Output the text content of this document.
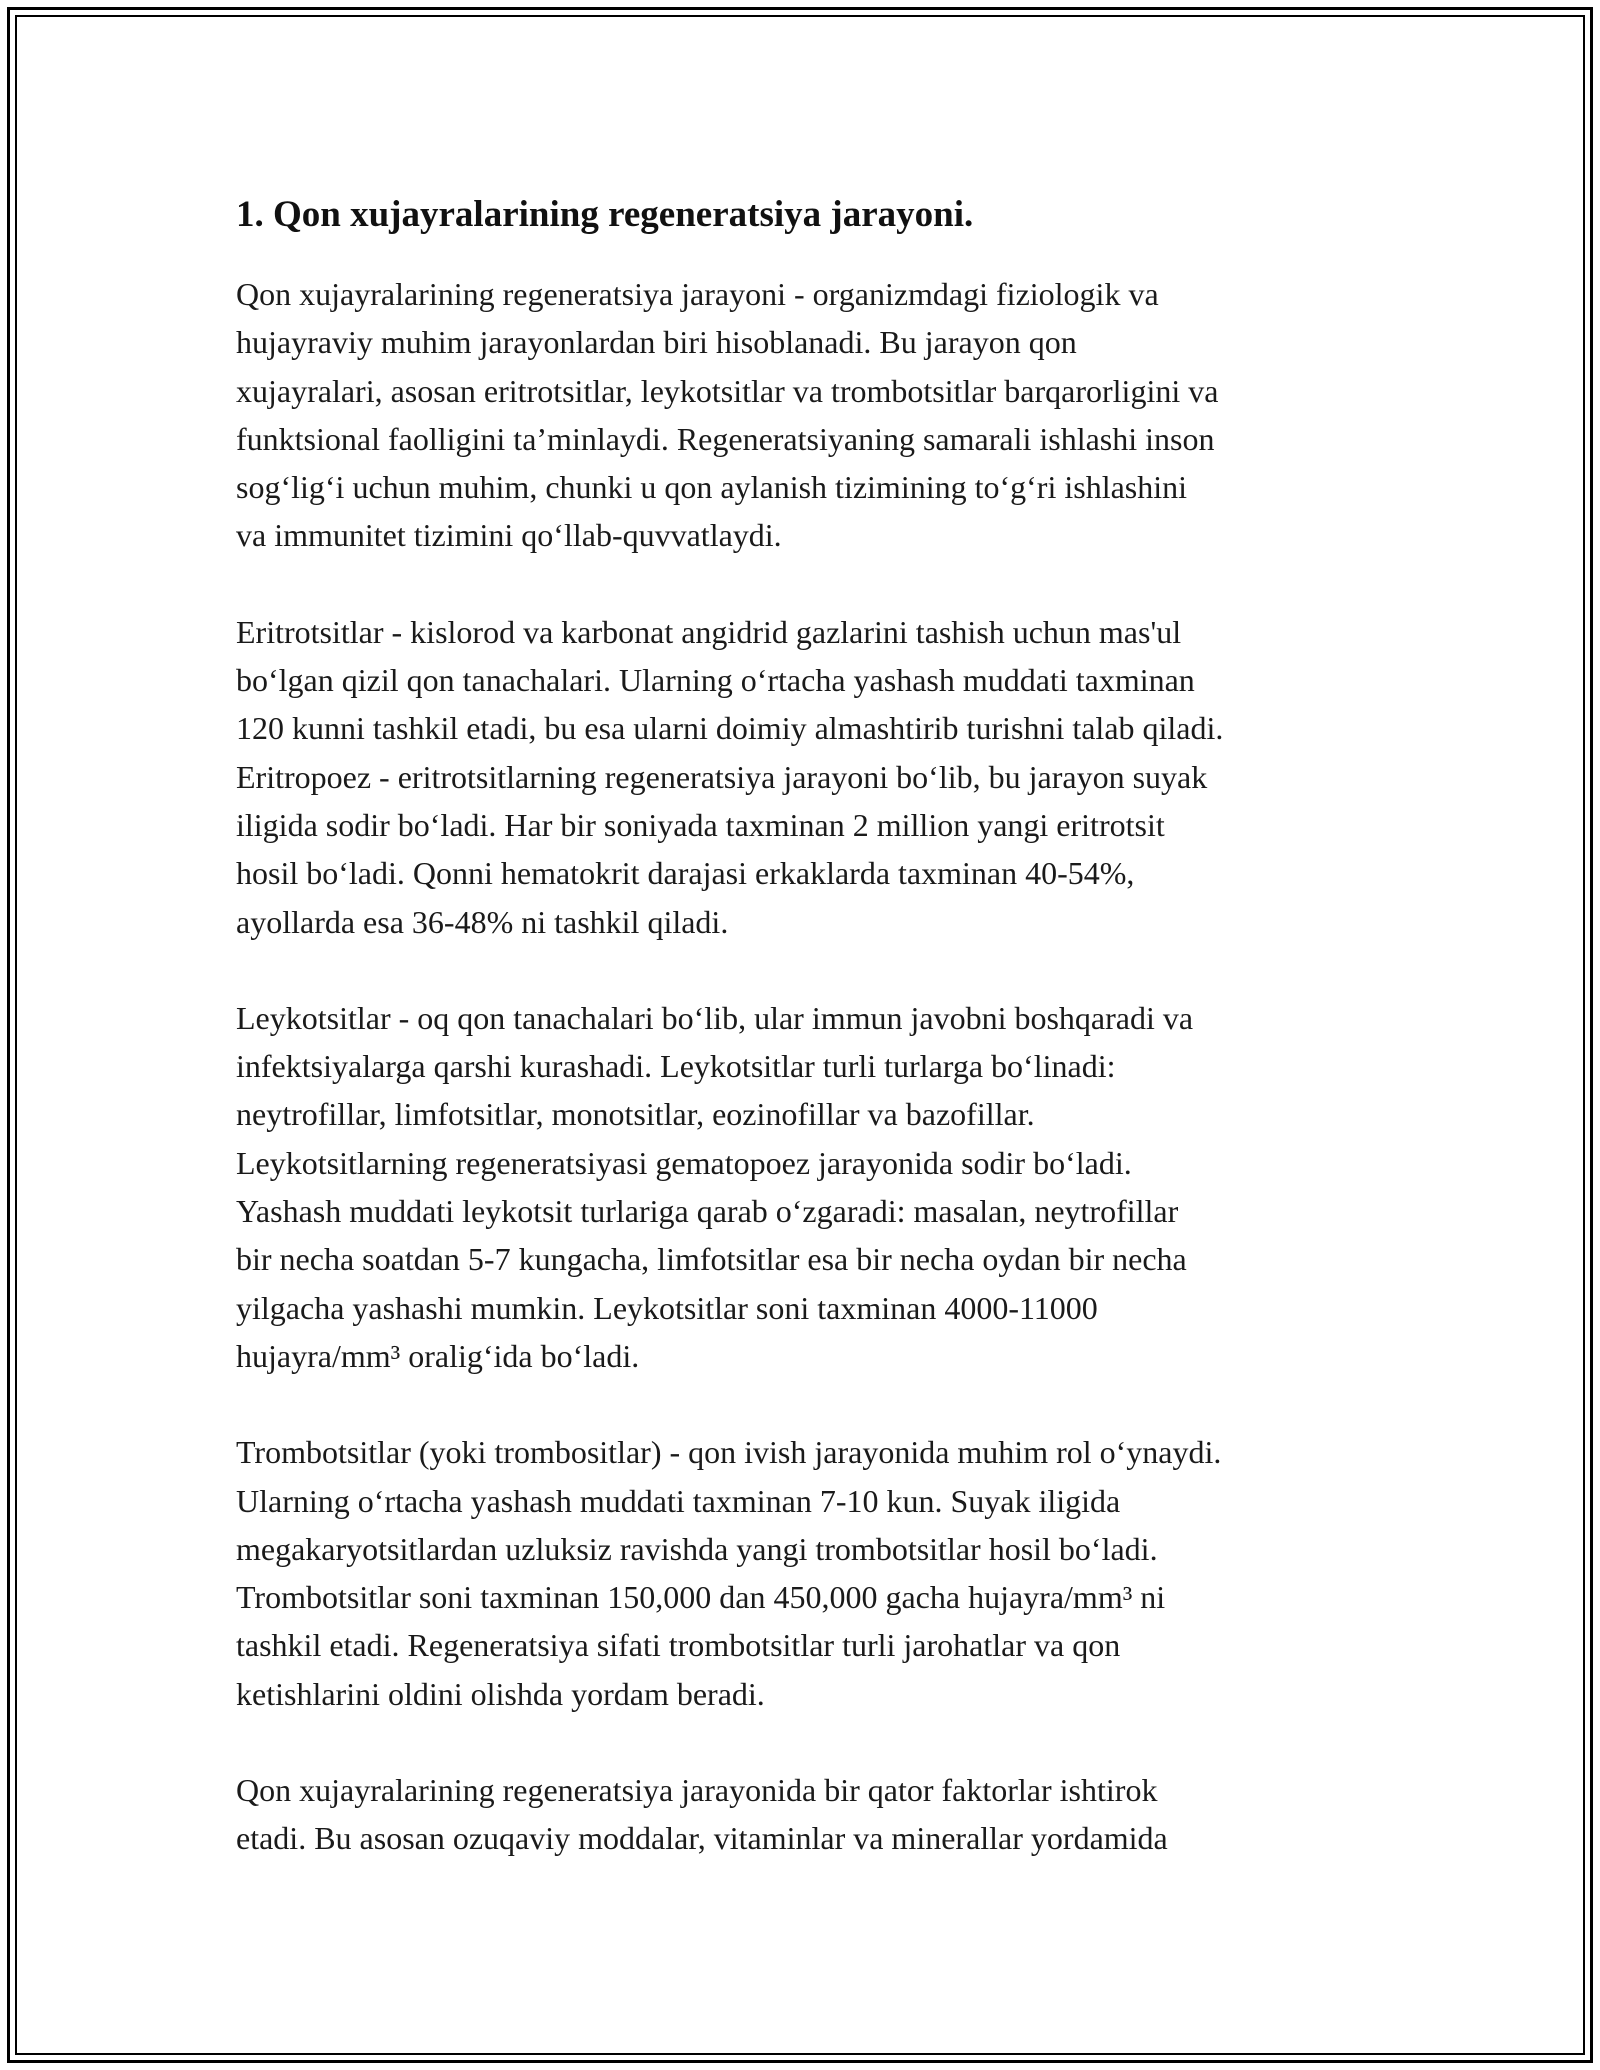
1. Qon xujayralarining regeneratsiya jarayoni.

Qon xujayralarining regeneratsiya jarayoni - organizmdagi fiziologik va
hujayraviy muhim jarayonlardan biri hisoblanadi. Bu jarayon qon
xujayralari, asosan eritrotsitlar, leykotsitlar va trombotsitlar barqarorligini va
funktsional faolligini ta’minlaydi. Regeneratsiyaning samarali ishlashi inson
sog‘lig‘i uchun muhim, chunki u qon aylanish tizimining to‘g‘ri ishlashini
va immunitet tizimini qo‘llab-quvvatlaydi.

Eritrotsitlar - kislorod va karbonat angidrid gazlarini tashish uchun mas'ul
bo‘lgan qizil qon tanachalari. Ularning o‘rtacha yashash muddati taxminan
120 kunni tashkil etadi, bu esa ularni doimiy almashtirib turishni talab qiladi.
Eritropoez - eritrotsitlarning regeneratsiya jarayoni bo‘lib, bu jarayon suyak
iligida sodir bo‘ladi. Har bir soniyada taxminan 2 million yangi eritrotsit
hosil bo‘ladi. Qonni hematokrit darajasi erkaklarda taxminan 40-54%,
ayollarda esa 36-48% ni tashkil qiladi.

Leykotsitlar - oq qon tanachalari bo‘lib, ular immun javobni boshqaradi va
infektsiyalarga qarshi kurashadi. Leykotsitlar turli turlarga bo‘linadi:
neytrofillar, limfotsitlar, monotsitlar, eozinofillar va bazofillar.
Leykotsitlarning regeneratsiyasi gematopoez jarayonida sodir bo‘ladi.
Yashash muddati leykotsit turlariga qarab o‘zgaradi: masalan, neytrofillar
bir necha soatdan 5-7 kungacha, limfotsitlar esa bir necha oydan bir necha
yilgacha yashashi mumkin. Leykotsitlar soni taxminan 4000-11000
hujayra/mm³ oralig‘ida bo‘ladi.

Trombotsitlar (yoki trombositlar) - qon ivish jarayonida muhim rol o‘ynaydi.
Ularning o‘rtacha yashash muddati taxminan 7-10 kun. Suyak iligida
megakaryotsitlardan uzluksiz ravishda yangi trombotsitlar hosil bo‘ladi.
Trombotsitlar soni taxminan 150,000 dan 450,000 gacha hujayra/mm³ ni
tashkil etadi. Regeneratsiya sifati trombotsitlar turli jarohatlar va qon
ketishlarini oldini olishda yordam beradi.

Qon xujayralarining regeneratsiya jarayonida bir qator faktorlar ishtirok
etadi. Bu asosan ozuqaviy moddalar, vitaminlar va minerallar yordamida
